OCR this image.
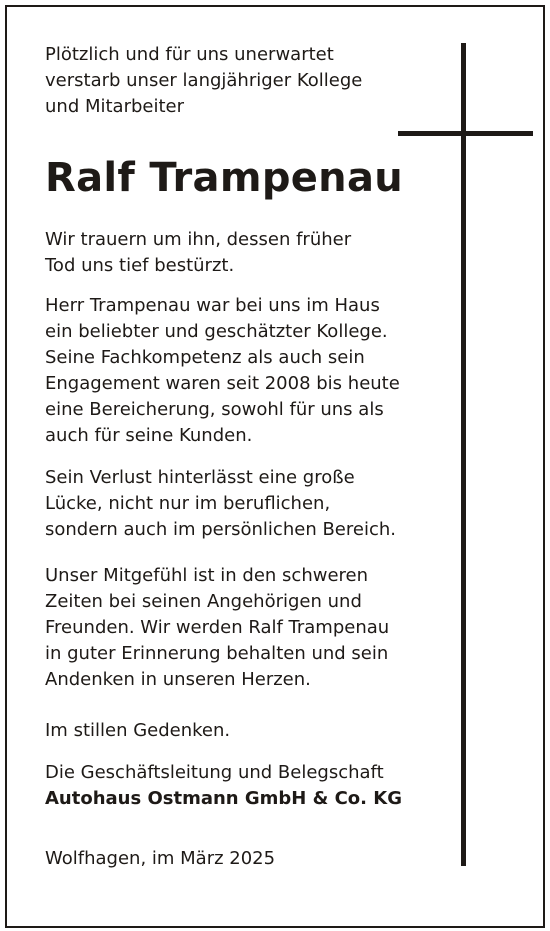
Plötzlich und für uns unerwartet
verstarb unser langjähriger Kollege
und Mitarbeiter

Ralf Trampenau

Wir trauern um ihn, dessen früher
Tod uns tief bestürzt.

Herr Trampenau war bei uns im Haus
ein beliebter und geschätzter Kollege.
Seine Fachkompetenz als auch sein
Engagement waren seit 2008 bis heute
eine Bereicherung, sowohl für uns als
auch für seine Kunden.

Sein Verlust hinterlässt eine große
Lücke, nicht nur im beruflichen,
sondern auch im persönlichen Bereich.

Unser Mitgefühl ist in den schweren
Zeiten bei seinen Angehörigen und
Freunden. Wir werden Ralf Trampenau
in guter Erinnerung behalten und sein
Andenken in unseren Herzen.

Im stillen Gedenken.

Die Geschäftsleitung und Belegschaft
Autohaus Ostmann GmbH & Co. KG

Wolfhagen, im März 2025
